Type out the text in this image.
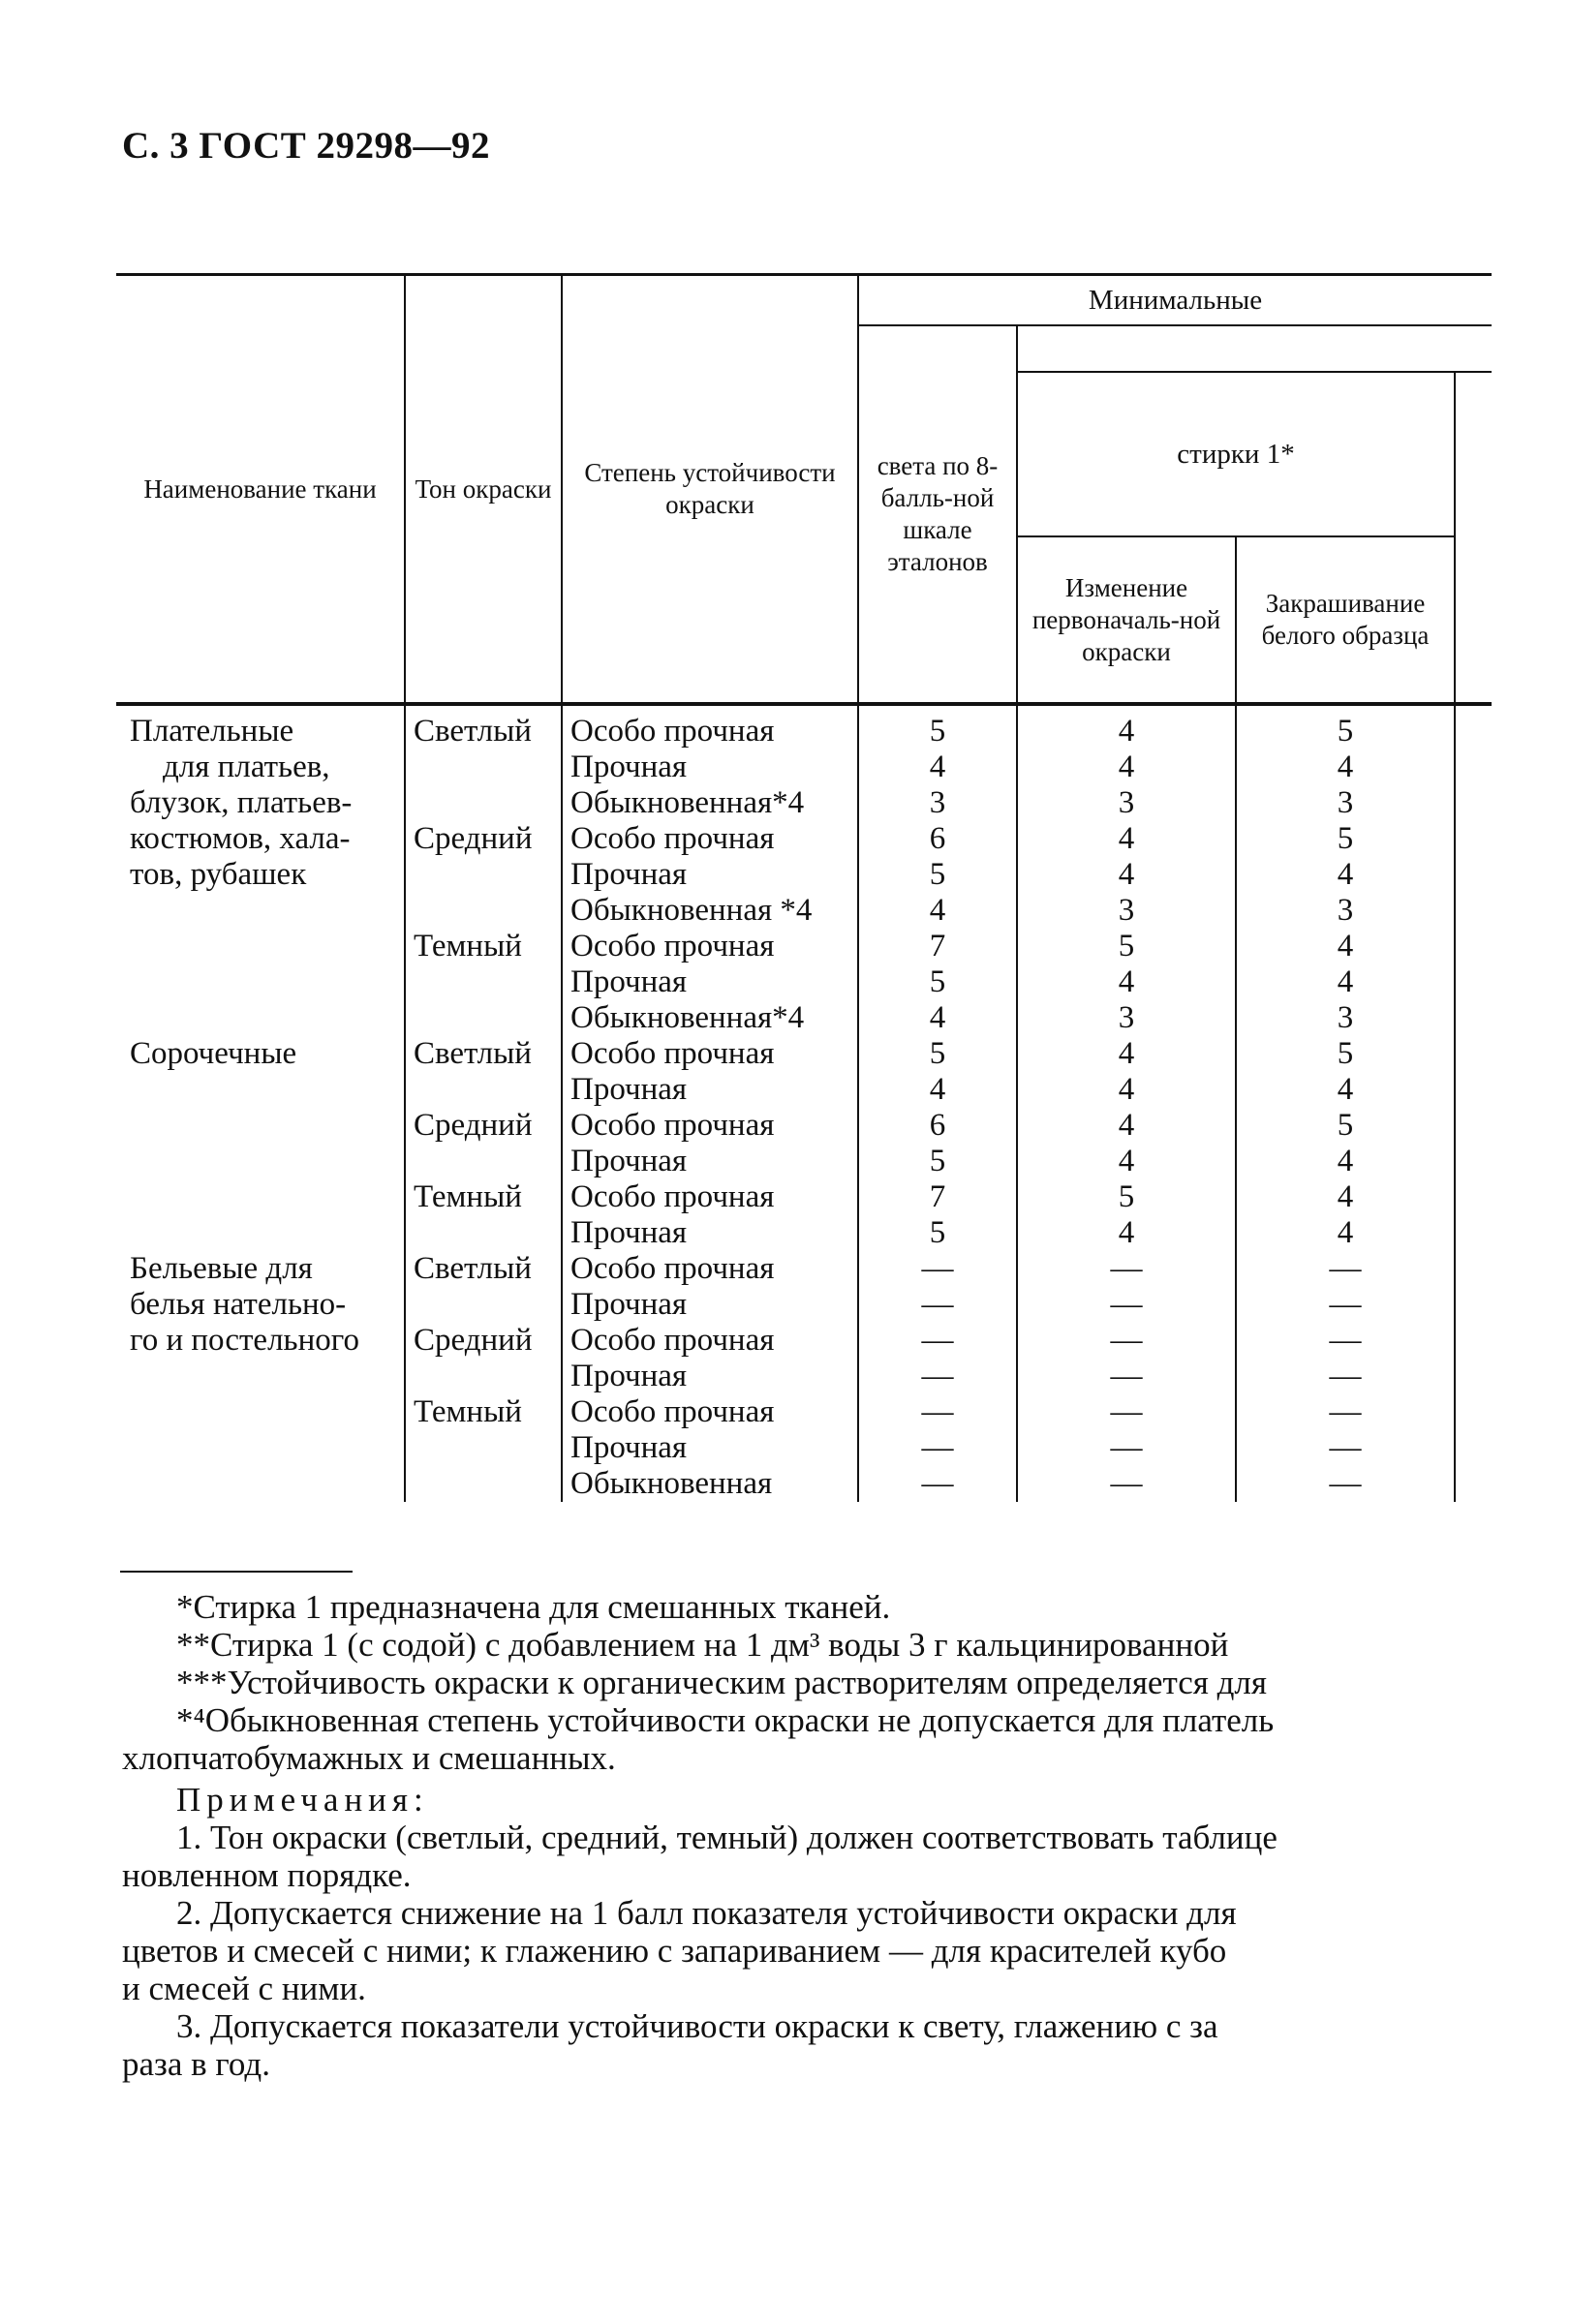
С. 3 ГОСТ 29298—92
Наименование ткани	Тон окраски	Степень устойчивости окраски	Минимальные			
			света по 8-балль-ной шкале эталонов			
				стирки 1*		
				Изменение первоначаль-ной окраски	Закрашивание белого образца	

Плательные
для платьев,
блузок, платьев-
костюмов, хала-
тов, рубашек	Светлый	Особо прочная	5	4	5	
		Прочная	4	4	4	
		Обыкновенная*4	3	3	3	
	Средний	Особо прочная	6	4	5	
		Прочная	5	4	4	
		Обыкновенная *4	4	3	3	
	Темный	Особо прочная	7	5	4	
		Прочная	5	4	4	
		Обыкновенная*4	4	3	3	

Сорочечные	Светлый	Особо прочная	5	4	5	
		Прочная	4	4	4	
	Средний	Особо прочная	6	4	5	
		Прочная	5	4	4	
	Темный	Особо прочная	7	5	4	
		Прочная	5	4	4	

Бельевые для
белья нательно-
го и постельного	Светлый	Особо прочная	—	—	—	
		Прочная	—	—	—	
	Средний	Особо прочная	—	—	—	
		Прочная	—	—	—	
	Темный	Особо прочная	—	—	—	
		Прочная	—	—	—	
		Обыкновенная	—	—	—	

*Стирка 1 предназначена для смешанных тканей.

**Стирка 1 (с содой) с добавлением на 1 дм³ воды 3 г кальцинированной

***Устойчивость окраски к органическим растворителям определяется для

*⁴Обыкновенная степень устойчивости окраски не допускается для платель

хлопчатобумажных и смешанных.

Примечания:

1. Тон окраски (светлый, средний, темный) должен соответствовать таблице

новленном порядке.

2. Допускается снижение на 1 балл показателя устойчивости окраски для

цветов и смесей с ними; к глажению с запариванием — для красителей кубо

и смесей с ними.

3. Допускается показатели устойчивости окраски к свету, глажению с за

раза в год.
